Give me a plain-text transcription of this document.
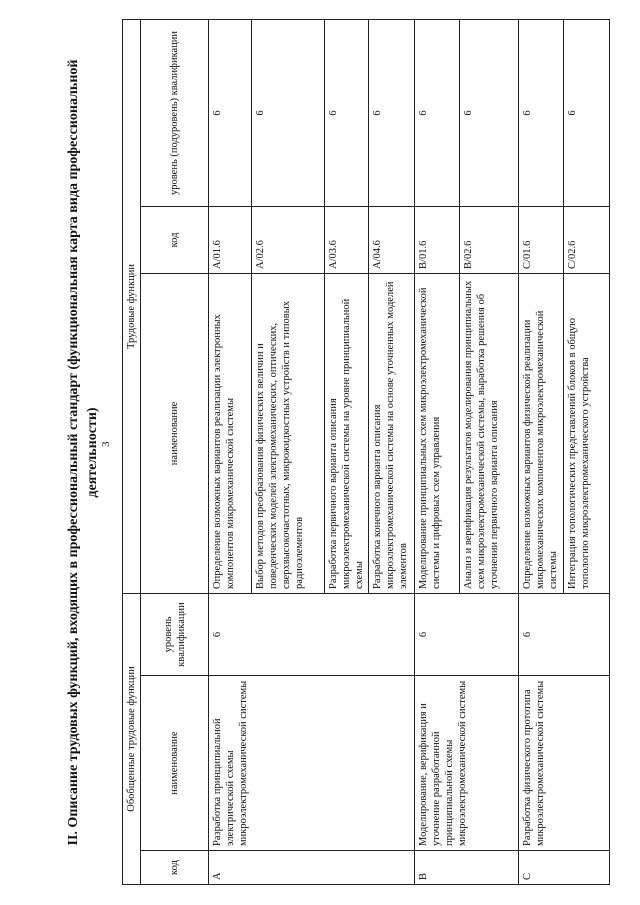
3
II. Описание трудовых функций, входящих в профессиональный стандарт (функциональная карта вида профессиональной деятельности)
Обобщенные трудовые функции			Трудовые функции		
код	наименование	уровень квалификации	наименование	код	уровень (подуровень) квалификации
A	Разработка принципиальной электрической схемы микроэлектромеханической системы	6	Определение возможных вариантов реализации электронных компонентов микромеханической системы	A/01.6	6
			Выбор методов преобразования физических величин и поведенческих моделей электромеханических, оптических, сверхвысокочастотных, микрожидкостных устройств и типовых радиоэлементов	A/02.6	6
			Разработка первичного варианта описания микроэлектромеханической системы на уровне принципиальной схемы	A/03.6	6
			Разработка конечного варианта описания микроэлектромеханической системы на основе уточненных моделей элементов	A/04.6	6
B	Моделирование, верификация и уточнение разработанной принципиальной схемы микроэлектромеханической системы	6	Моделирование принципиальных схем микроэлектромеханической системы и цифровых схем управления	B/01.6	6
			Анализ и верификация результатов моделирования принципиальных схем микроэлектромеханической системы, выработка решения об уточнении первичного варианта описания	B/02.6	6
C	Разработка физического прототипа микроэлектромеханической системы	6	Определение возможных вариантов физической реализации микромеханических компонентов микроэлектромеханической системы	C/01.6	6
			Интеграция топологических представлений блоков в общую топологию микроэлектромеханического устройства	C/02.6	6
